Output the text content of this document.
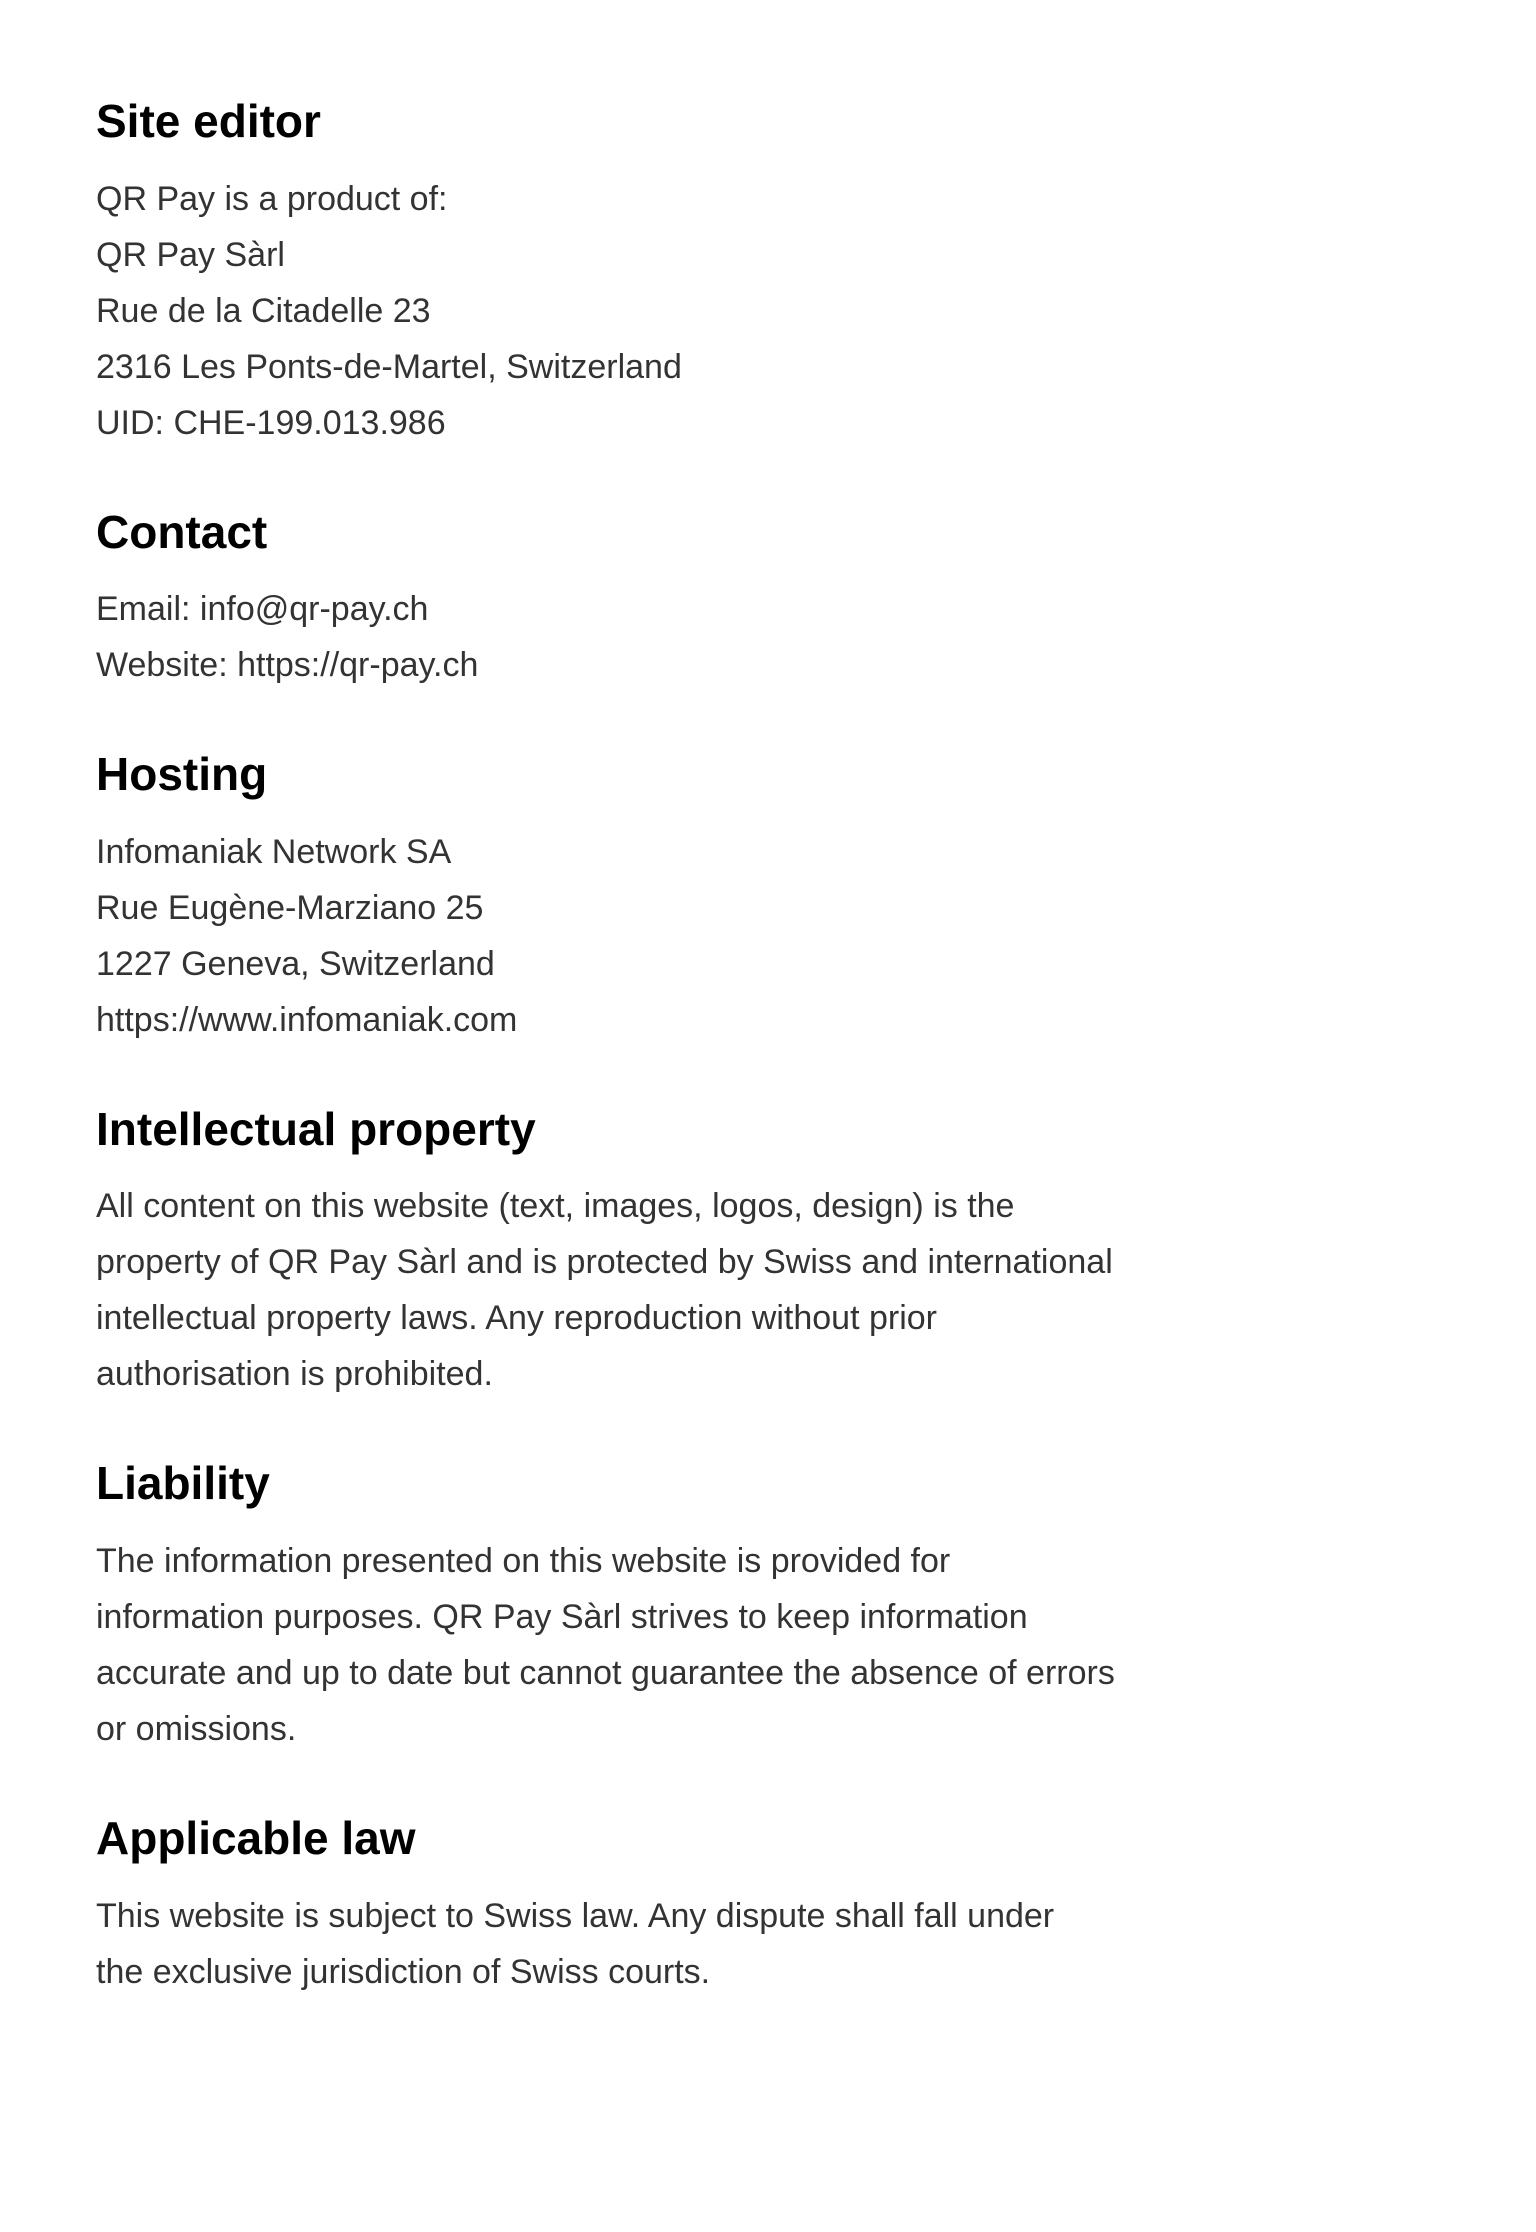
Site editor
QR Pay is a product of:
QR Pay Sàrl
Rue de la Citadelle 23
2316 Les Ponts-de-Martel, Switzerland
UID: CHE-199.013.986
Contact
Email: info@qr-pay.ch
Website: https://qr-pay.ch
Hosting
Infomaniak Network SA
Rue Eugène-Marziano 25
1227 Geneva, Switzerland
https://www.infomaniak.com
Intellectual property

All content on this website (text, images, logos, design) is the
property of QR Pay Sàrl and is protected by Swiss and international
intellectual property laws. Any reproduction without prior
authorisation is prohibited.

Liability

The information presented on this website is provided for
information purposes. QR Pay Sàrl strives to keep information
accurate and up to date but cannot guarantee the absence of errors
or omissions.

Applicable law

This website is subject to Swiss law. Any dispute shall fall under
the exclusive jurisdiction of Swiss courts.
